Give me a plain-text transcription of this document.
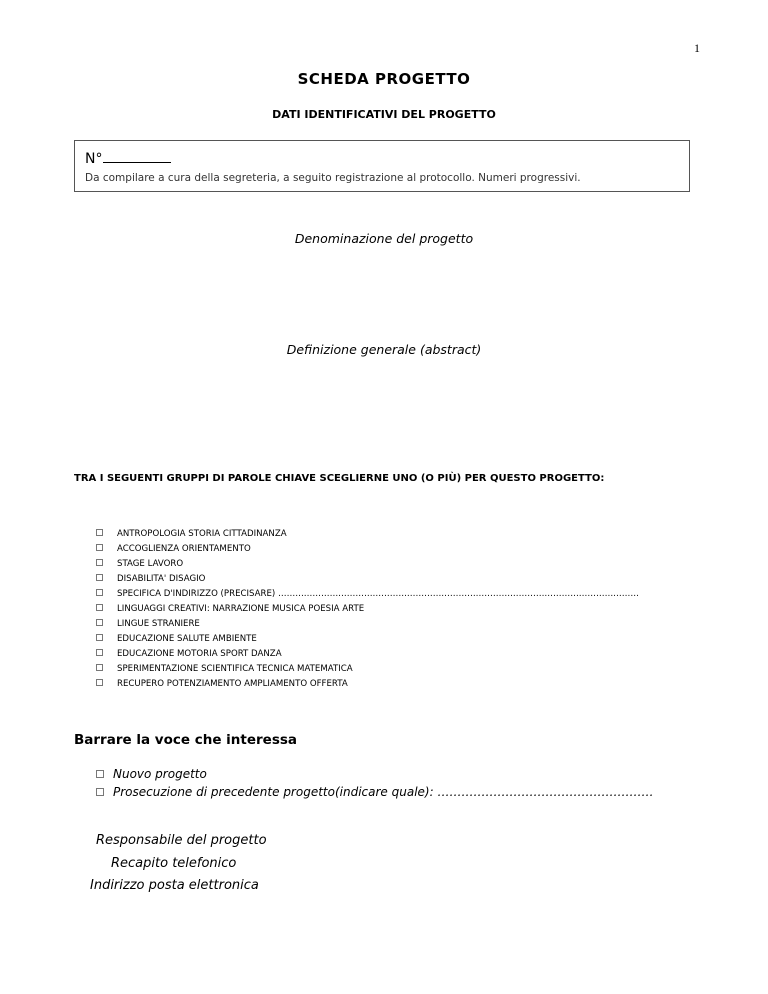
1
SCHEDA PROGETTO
DATI IDENTIFICATIVI DEL PROGETTO
N°
Da compilare a cura della segreteria, a seguito registrazione al protocollo. Numeri progressivi.
Denominazione del progetto
Definizione generale (abstract)
TRA I SEGUENTI GRUPPI DI PAROLE CHIAVE SCEGLIERNE UNO (O PIÙ) PER QUESTO PROGETTO:
ANTROPOLOGIA STORIA CITTADINANZA
ACCOGLIENZA ORIENTAMENTO
STAGE LAVORO
DISABILITA' DISAGIO
SPECIFICA D'INDIRIZZO (PRECISARE) ………………………………………………………………………………………………………………
LINGUAGGI CREATIVI: NARRAZIONE MUSICA POESIA ARTE
LINGUE STRANIERE
EDUCAZIONE SALUTE AMBIENTE
EDUCAZIONE MOTORIA SPORT DANZA
SPERIMENTAZIONE SCIENTIFICA TECNICA MATEMATICA
RECUPERO POTENZIAMENTO AMPLIAMENTO OFFERTA
Barrare la voce che interessa
Nuovo progetto
Prosecuzione di precedente progetto(indicare quale): ………………………………………………
Responsabile del progetto
Recapito telefonico
Indirizzo posta elettronica
